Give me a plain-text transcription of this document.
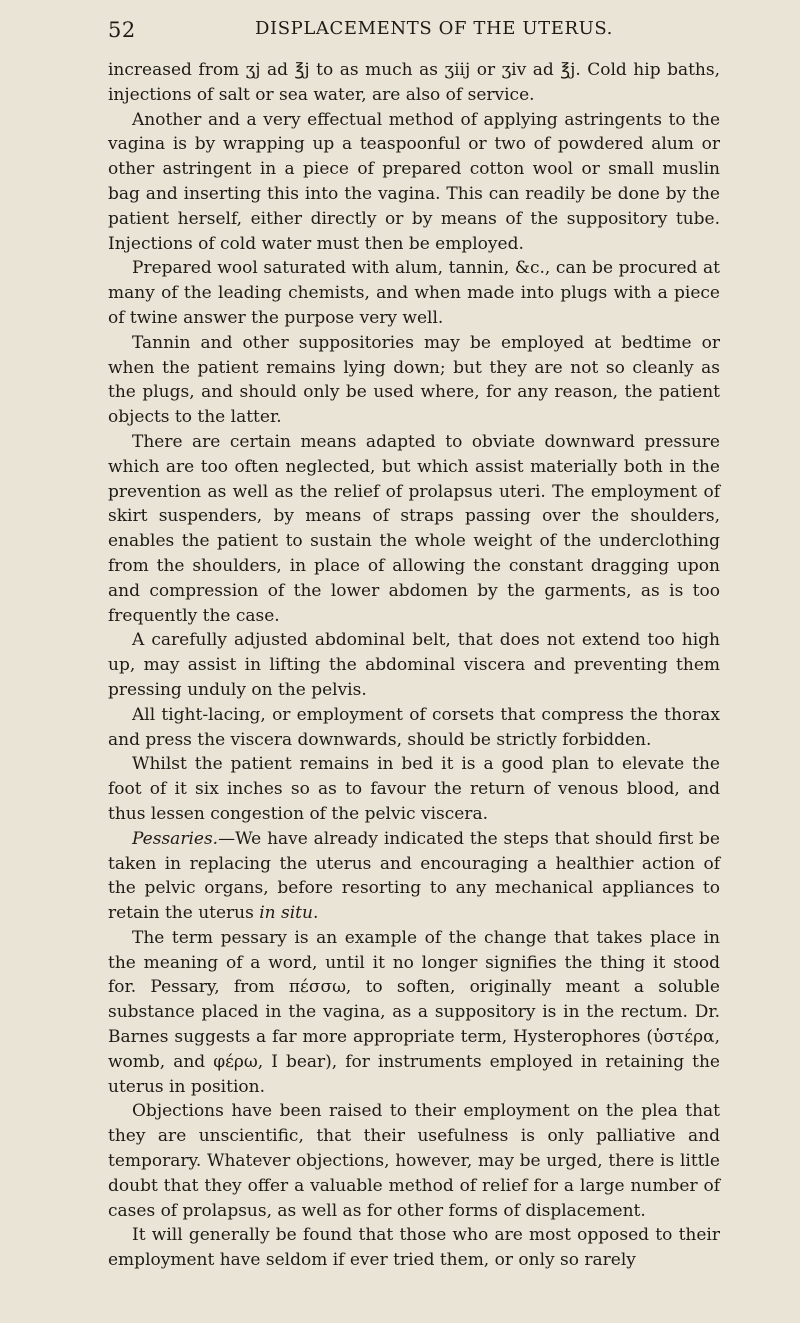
52	DISPLACEMENTS OF THE UTERUS.

increased from ʒj ad ℥j to as much as ʒiij or ʒiv ad ℥j. Cold hip baths, injections of salt or sea water, are also of service.

Another and a very effectual method of applying astringents to the vagina is by wrapping up a teaspoonful or two of powdered alum or other astringent in a piece of prepared cotton wool or small muslin bag and inserting this into the vagina. This can readily be done by the patient herself, either directly or by means of the suppository tube. Injections of cold water must then be employed.

Prepared wool saturated with alum, tannin, &c., can be procured at many of the leading chemists, and when made into plugs with a piece of twine answer the purpose very well.

Tannin and other suppositories may be employed at bedtime or when the patient remains lying down; but they are not so cleanly as the plugs, and should only be used where, for any reason, the patient objects to the latter.

There are certain means adapted to obviate downward pressure which are too often neglected, but which assist materially both in the prevention as well as the relief of prolapsus uteri. The employment of skirt suspenders, by means of straps passing over the shoulders, enables the patient to sustain the whole weight of the underclothing from the shoulders, in place of allowing the constant dragging upon and compression of the lower abdomen by the garments, as is too frequently the case.

A carefully adjusted abdominal belt, that does not extend too high up, may assist in lifting the abdominal viscera and preventing them pressing unduly on the pelvis.

All tight-lacing, or employment of corsets that compress the thorax and press the viscera downwards, should be strictly forbidden.

Whilst the patient remains in bed it is a good plan to elevate the foot of it six inches so as to favour the return of venous blood, and thus lessen congestion of the pelvic viscera.

Pessaries.—We have already indicated the steps that should first be taken in replacing the uterus and encouraging a healthier action of the pelvic organs, before resorting to any mechanical appliances to retain the uterus in situ.

The term pessary is an example of the change that takes place in the meaning of a word, until it no longer signifies the thing it stood for. Pessary, from πέσσω, to soften, originally meant a soluble substance placed in the vagina, as a suppository is in the rectum. Dr. Barnes suggests a far more appropriate term, Hysterophores (ὑστέρα, womb, and φέρω, I bear), for instruments employed in retaining the uterus in position.

Objections have been raised to their employment on the plea that they are unscientific, that their usefulness is only palliative and temporary. Whatever objections, however, may be urged, there is little doubt that they offer a valuable method of relief for a large number of cases of prolapsus, as well as for other forms of displacement.

It will generally be found that those who are most opposed to their employment have seldom if ever tried them, or only so rarely
